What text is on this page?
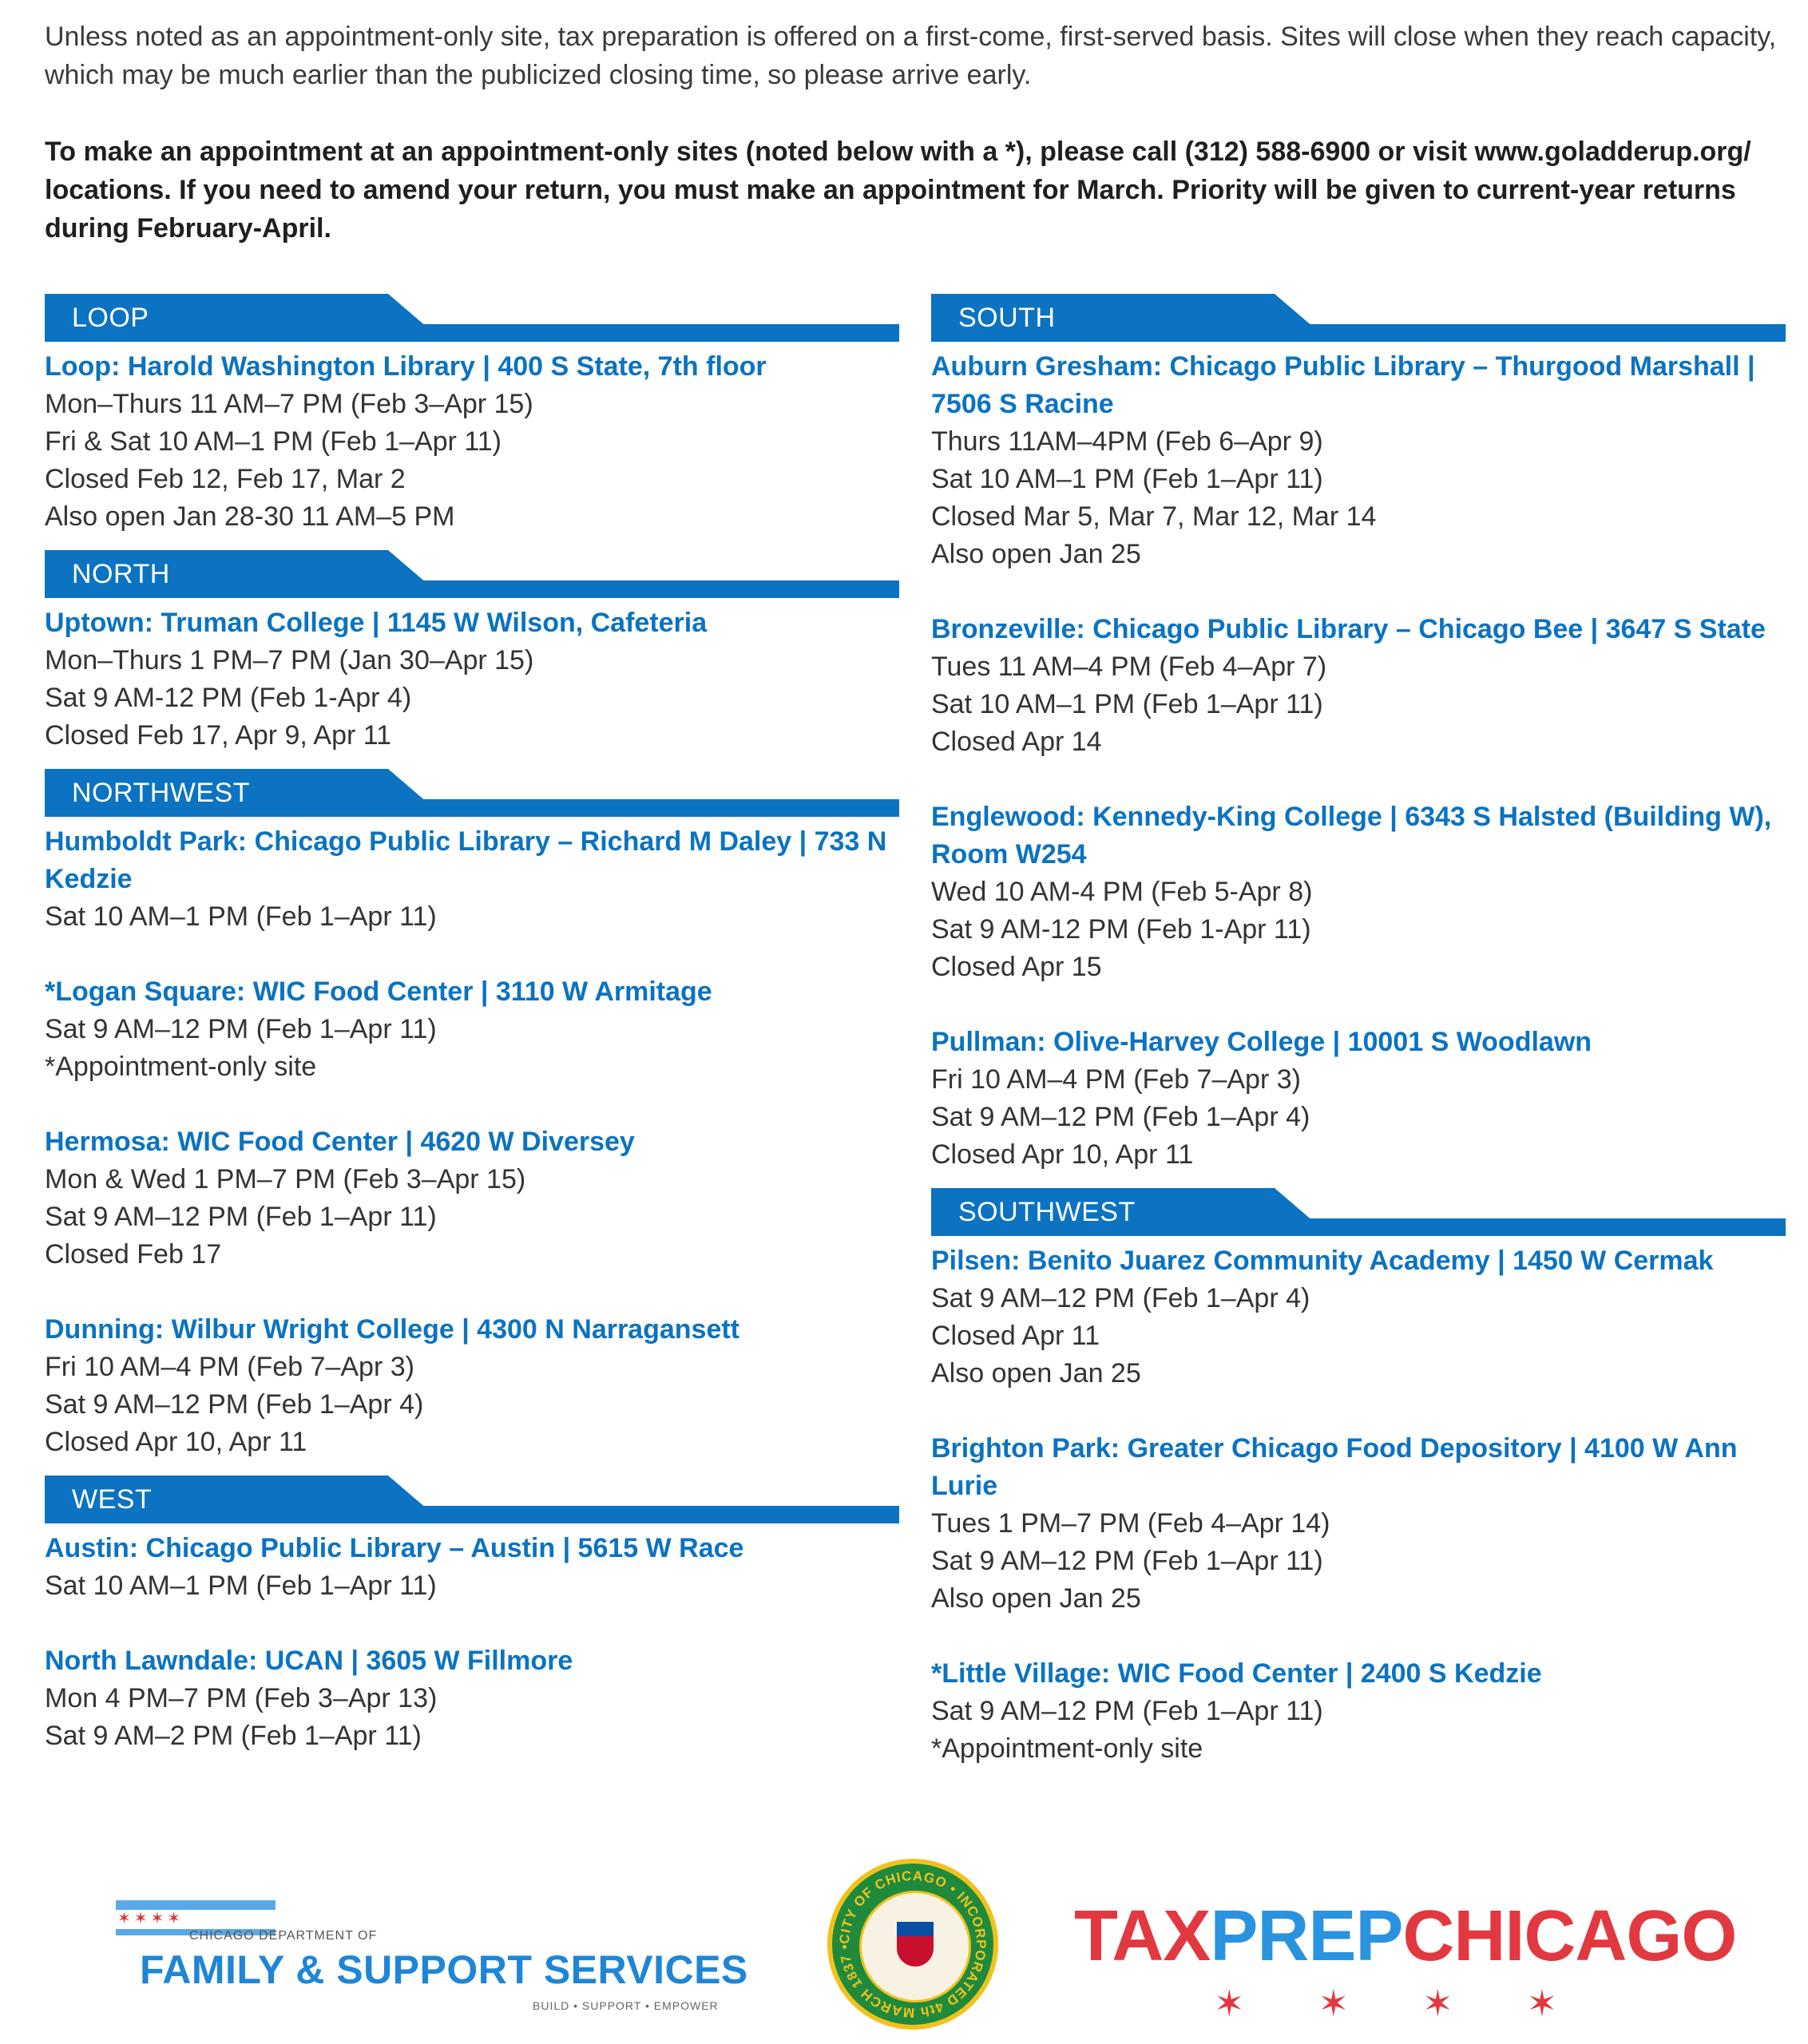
Unless noted as an appointment-only site, tax preparation is offered on a first-come, first-served basis. Sites will close when they reach capacity, which may be much earlier than the publicized closing time, so please arrive early.

To make an appointment at an appointment-only sites (noted below with a *), please call (312) 588-6900 or visit www.goladderup.org/ locations. If you need to amend your return, you must make an appointment for March. Priority will be given to current-year returns during February-April.

LOOP
Loop: Harold Washington Library | 400 S State, 7th floor
Mon–Thurs 11 AM–7 PM (Feb 3–Apr 15)
Fri & Sat 10 AM–1 PM (Feb 1–Apr 11)
Closed Feb 12, Feb 17, Mar 2
Also open Jan 28-30 11 AM–5 PM
NORTH
Uptown: Truman College | 1145 W Wilson, Cafeteria
Mon–Thurs 1 PM–7 PM (Jan 30–Apr 15)
Sat 9 AM-12 PM (Feb 1-Apr 4)
Closed Feb 17, Apr 9, Apr 11
NORTHWEST
Humboldt Park: Chicago Public Library – Richard M Daley | 733 N Kedzie
Sat 10 AM–1 PM (Feb 1–Apr 11)
*Logan Square: WIC Food Center | 3110 W Armitage
Sat 9 AM–12 PM (Feb 1–Apr 11)
*Appointment-only site
Hermosa: WIC Food Center | 4620 W Diversey
Mon & Wed 1 PM–7 PM (Feb 3–Apr 15)
Sat 9 AM–12 PM (Feb 1–Apr 11)
Closed Feb 17
Dunning: Wilbur Wright College | 4300 N Narragansett
Fri 10 AM–4 PM (Feb 7–Apr 3)
Sat 9 AM–12 PM (Feb 1–Apr 4)
Closed Apr 10, Apr 11
WEST
Austin: Chicago Public Library – Austin | 5615 W Race
Sat 10 AM–1 PM (Feb 1–Apr 11)
North Lawndale: UCAN | 3605 W Fillmore
Mon 4 PM–7 PM (Feb 3–Apr 13)
Sat 9 AM–2 PM (Feb 1–Apr 11)
SOUTH
Auburn Gresham: Chicago Public Library – Thurgood Marshall | 7506 S Racine
Thurs 11AM–4PM (Feb 6–Apr 9)
Sat 10 AM–1 PM (Feb 1–Apr 11)
Closed Mar 5, Mar 7, Mar 12, Mar 14
Also open Jan 25
Bronzeville: Chicago Public Library – Chicago Bee | 3647 S State
Tues 11 AM–4 PM (Feb 4–Apr 7)
Sat 10 AM–1 PM (Feb 1–Apr 11)
Closed Apr 14
Englewood: Kennedy-King College | 6343 S Halsted (Building W), Room W254
Wed 10 AM-4 PM (Feb 5-Apr 8)
Sat 9 AM-12 PM (Feb 1-Apr 11)
Closed Apr 15
Pullman: Olive-Harvey College | 10001 S Woodlawn
Fri 10 AM–4 PM (Feb 7–Apr 3)
Sat 9 AM–12 PM (Feb 1–Apr 4)
Closed Apr 10, Apr 11
SOUTHWEST
Pilsen: Benito Juarez Community Academy | 1450 W Cermak
Sat 9 AM–12 PM (Feb 1–Apr 4)
Closed Apr 11
Also open Jan 25
Brighton Park: Greater Chicago Food Depository | 4100 W Ann Lurie
Tues 1 PM–7 PM (Feb 4–Apr 14)
Sat 9 AM–12 PM (Feb 1–Apr 11)
Also open Jan 25
*Little Village: WIC Food Center | 2400 S Kedzie
Sat 9 AM–12 PM (Feb 1–Apr 11)
*Appointment-only site
✶✶✶✶
CHICAGO DEPARTMENT OF
FAMILY & SUPPORT SERVICES
BUILD • SUPPORT • EMPOWER
CITY OF CHICAGO • INCORPORATED 4th MARCH 1837 •	TAXPREPCHICAGO
✶✶✶✶
